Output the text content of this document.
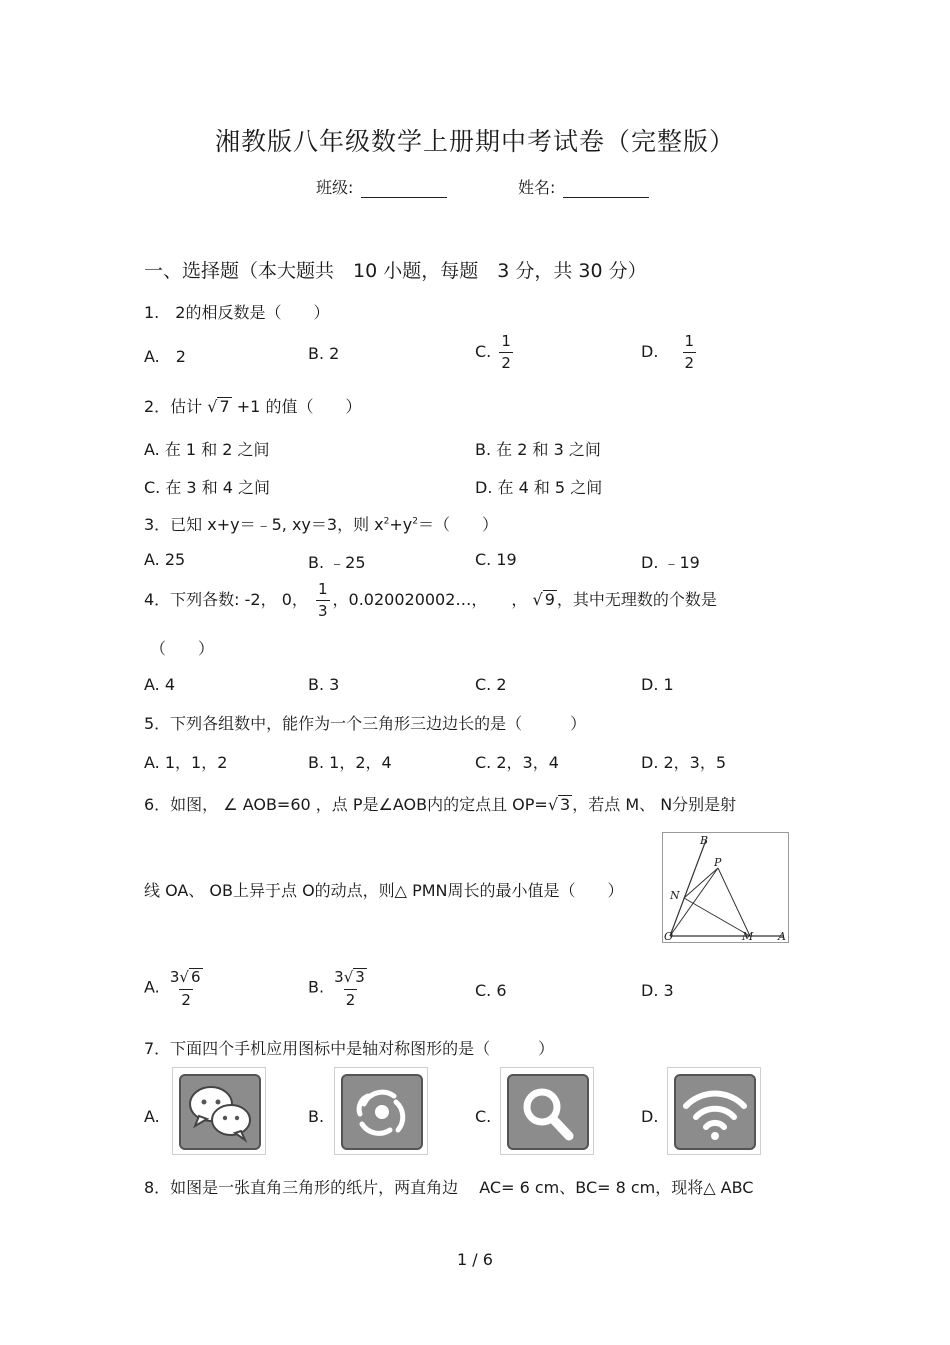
湘教版八年级数学上册期中考试卷（完整版）
班级:	姓名:
一、选择题（本大题共　10 小题，每题　3 分，共 30 分）
1.　2的相反数是（　　）
A.　 2	B. 2	C. $\frac{1}{2}$	D.　 $\frac{1}{2}$
2．估计 √ 7 +1 的值（　　）
A. 在 1 和 2 之间	B. 在 2 和 3 之间
C. 在 3 和 4 之间	D. 在 4 和 5 之间
3．已知 x+y＝﹣5, xy＝3，则 $x^2+y^2=$（　　）
A. 25	B. ﹣25	C. 19	D. ﹣19
4．下列各数: -2， 0， $\frac{1}{3}$ ，0.020020002…，　　， √ 9 ，其中无理数的个数是
（　　）
A. 4	B. 3	C. 2	D. 1
5．下列各组数中，能作为一个三角形三边边长的是（　　　）
A. 1，1，2	B. 1，2，4	C. 2，3，4	D. 2，3，5
6．如图， ∠ AOB=60 ，点 P是∠AOB内的定点且 OP=√ 3 ，若点 M、 N分别是射
线 OA、 OB上异于点 O的动点，则△ PMN周长的最小值是（　　）
B
P
N
O	M A
A. $\frac{3√ 6}{2}$	B. $\frac{3√ 3}{2}$	C. 6	D. 3
7．下面四个手机应用图标中是轴对称图形的是（　　　）
A.	B.	C.	D.
8．如图是一张直角三角形的纸片，两直角边　 AC= 6 cm、BC= 8 cm，现将△ ABC
1 / 6
